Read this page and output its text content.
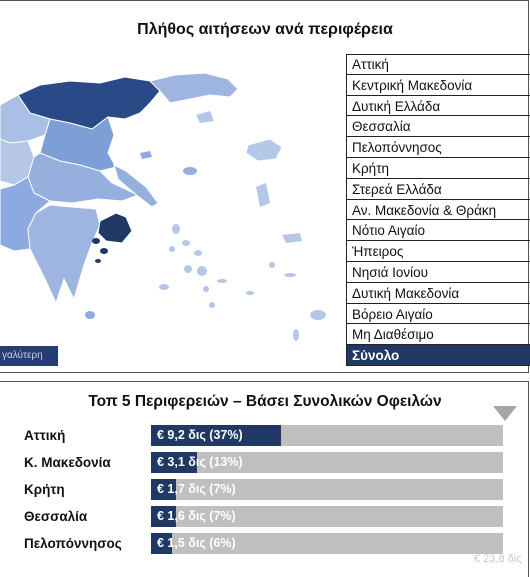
Πλήθος αιτήσεων ανά περιφέρεια
γαλύτερη
Αττική
Κεντρική Μακεδονία
Δυτική Ελλάδα
Θεσσαλία
Πελοπόννησος
Κρήτη
Στερεά Ελλάδα
Αν. Μακεδονία & Θράκη
Νότιο Αιγαίο
Ήπειρος
Νησιά Ιονίου
Δυτική Μακεδονία
Βόρειο Αιγαίο
Μη Διαθέσιμο
Σύνολο
Τοπ 5 Περιφερειών – Βάσει Συνολικών Οφειλών
Αττική	€ 9,2 δις (37%)
Κ. Μακεδονία	€ 3,1 δις (13%)
Κρήτη	€ 1,7 δις (7%)
Θεσσαλία	€ 1,6 δις (7%)
Πελοπόννησος	€ 1,5 δις (6%)
€ 23,8 δις
